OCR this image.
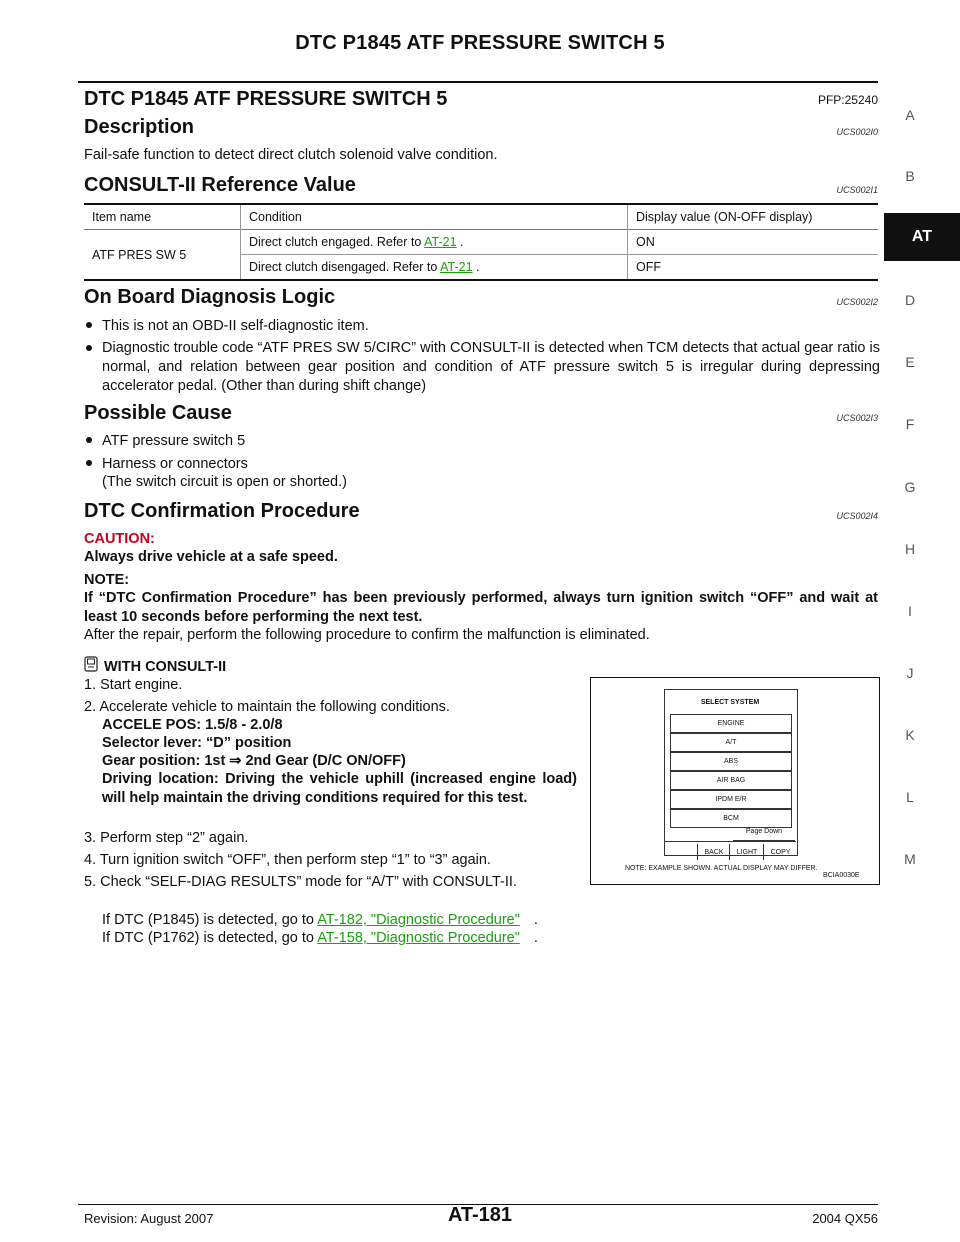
DTC P1845 ATF PRESSURE SWITCH 5
A
B
AT
D
E
F
G
H
I
J
K
L
M
DTC P1845 ATF PRESSURE SWITCH 5	PFP:25240
Description	UCS002I0
Fail-safe function to detect direct clutch solenoid valve condition.
CONSULT-II Reference Value	UCS002I1
Item name	Condition	Display value (ON-OFF display)
ATF PRES SW 5	Direct clutch engaged. Refer to AT-21 .	ON
	Direct clutch disengaged. Refer to AT-21 .	OFF
On Board Diagnosis Logic	UCS002I2
This is not an OBD-II self-diagnostic item.
Diagnostic trouble code “ATF PRES SW 5/CIRC” with CONSULT-II is detected when TCM detects that actual gear ratio is normal, and relation between gear position and condition of ATF pressure switch 5 is irregular during depressing accelerator pedal. (Other than during shift change)
Possible Cause	UCS002I3
ATF pressure switch 5
Harness or connectors
(The switch circuit is open or shorted.)
DTC Confirmation Procedure	UCS002I4
CAUTION:
Always drive vehicle at a safe speed.
NOTE:
If “DTC Confirmation Procedure” has been previously performed, always turn ignition switch “OFF” and wait at least 10 seconds before performing the next test.
After the repair, perform the following procedure to confirm the malfunction is eliminated.
WITH CONSULT-II
1. Start engine.
2. Accelerate vehicle to maintain the following conditions.
ACCELE POS: 1.5/8 - 2.0/8
Selector lever: “D” position
Gear position: 1st ⇒ 2nd Gear (D/C ON/OFF)
Driving location: Driving the vehicle uphill (increased engine load) will help maintain the driving conditions required for this test.
3. Perform step “2” again.
4. Turn ignition switch “OFF”, then perform step “1” to “3” again.
5. Check “SELF-DIAG RESULTS” mode for “A/T” with CONSULT-II.
If DTC (P1845) is detected, go to AT-182, "Diagnostic Procedure" .
If DTC (P1762) is detected, go to AT-158, "Diagnostic Procedure" .
SELECT SYSTEM
ENGINE
A/T
ABS
AIR BAG
IPDM E/R
BCM
Page Down
BACK	LIGHT	COPY
NOTE: EXAMPLE SHOWN. ACTUAL DISPLAY MAY DIFFER.
BCIA0030E
Revision: August 2007	AT-181	2004 QX56
